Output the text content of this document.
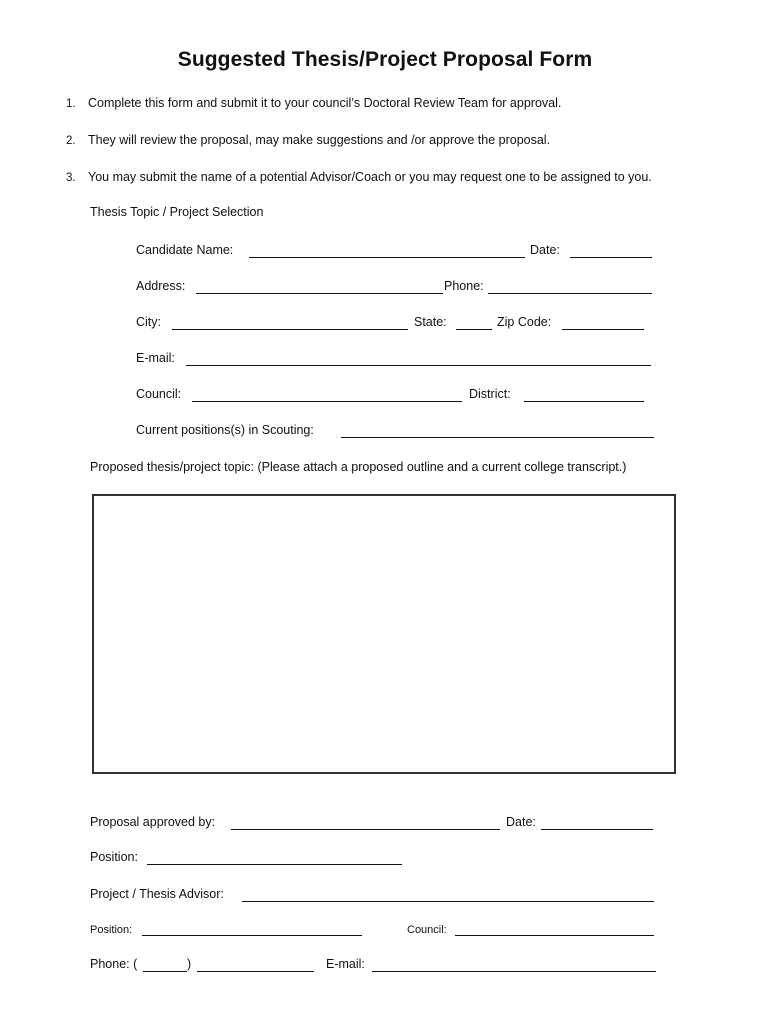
Suggested Thesis/Project Proposal Form
1. Complete this form and submit it to your council’s Doctoral Review Team for approval.
2. They will review the proposal, may make suggestions and /or approve the proposal.
3. You may submit the name of a potential Advisor/Coach or you may request one to be assigned to you.
Thesis Topic / Project Selection
Candidate Name:	Date:
Address:	Phone:
City:	State:	Zip Code:
E-mail:
Council:	District:
Current positions(s) in Scouting:
Proposed thesis/project topic: (Please attach a proposed outline and a current college transcript.)
Proposal approved by:	Date:
Position:
Project / Thesis Advisor:
Position:	Council:
Phone: (	)	E-mail:
